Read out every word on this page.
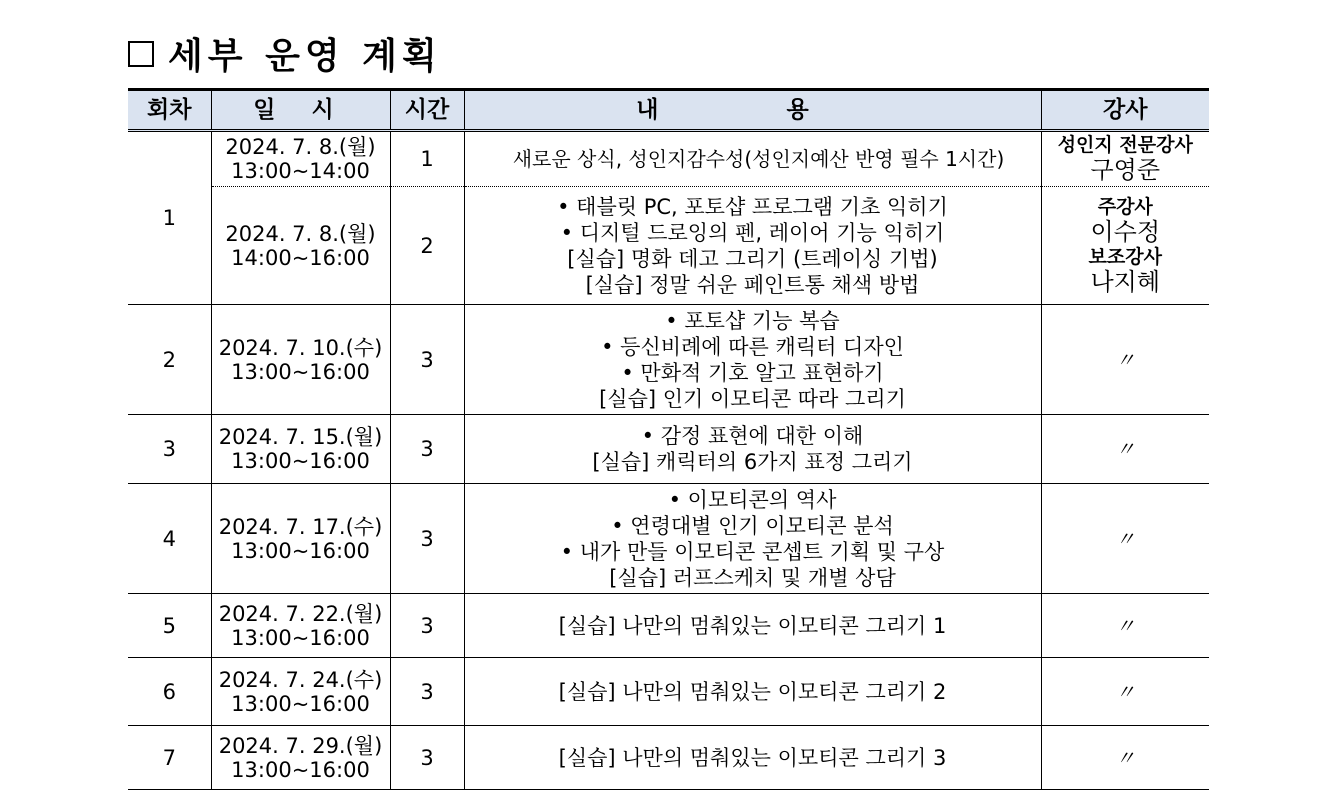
세부 운영 계획
회차	일 시	시간	내 용	강사
1	2024. 7. 8.(월)
13:00~14:00	1	새로운 상식, 성인지감수성(성인지예산 반영 필수 1시간)	성인지 전문강사
구영준

	2024. 7. 8.(월)
14:00~16:00	2	• 태블릿 PC, 포토샵 프로그램 기초 익히기
• 디지털 드로잉의 펜, 레이어 기능 익히기
[실습] 명화 데고 그리기 (트레이싱 기법)
[실습] 정말 쉬운 페인트통 채색 방법	주강사
이수정
보조강사
나지혜

2	2024. 7. 10.(수)
13:00~16:00	3	• 포토샵 기능 복습
• 등신비례에 따른 캐릭터 디자인
• 만화적 기호 알고 표현하기
[실습] 인기 이모티콘 따라 그리기	〃
3	2024. 7. 15.(월)
13:00~16:00	3	• 감정 표현에 대한 이해
[실습] 캐릭터의 6가지 표정 그리기	〃
4	2024. 7. 17.(수)
13:00~16:00	3	• 이모티콘의 역사
• 연령대별 인기 이모티콘 분석
• 내가 만들 이모티콘 콘셉트 기획 및 구상
[실습] 러프스케치 및 개별 상담	〃
5	2024. 7. 22.(월)
13:00~16:00	3	[실습] 나만의 멈춰있는 이모티콘 그리기 1	〃
6	2024. 7. 24.(수)
13:00~16:00	3	[실습] 나만의 멈춰있는 이모티콘 그리기 2	〃
7	2024. 7. 29.(월)
13:00~16:00	3	[실습] 나만의 멈춰있는 이모티콘 그리기 3	〃
